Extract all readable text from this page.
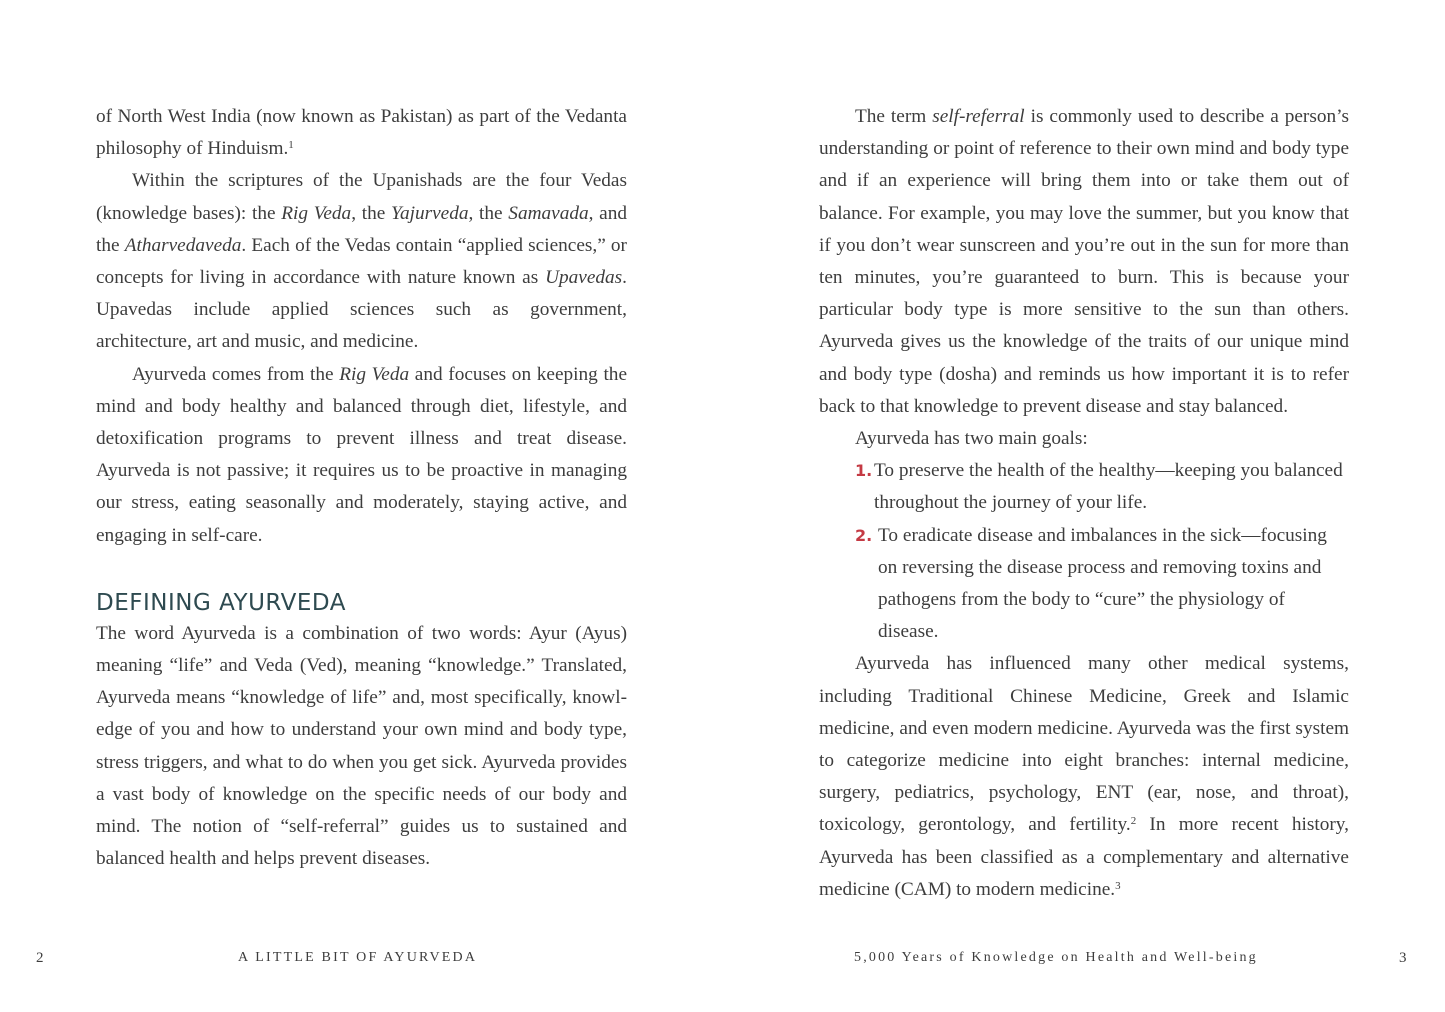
of North West India (now known as Pakistan) as part of the Vedanta philosophy of Hinduism.$^1$

Within the scriptures of the Upanishads are the four Vedas (knowledge bases): the Rig Veda, the Yajurveda, the Samavada, and the Atharvedaveda. Each of the Vedas contain “applied sciences,” or concepts for living in accordance with nature known as Upavedas. Upavedas include applied sciences such as government, architecture, art and music, and medicine.

Ayurveda comes from the Rig Veda and focuses on keeping the mind and body healthy and balanced through diet, lifestyle, and detoxification programs to prevent illness and treat disease. Ayurveda is not passive; it requires us to be proactive in managing our stress, eating seasonally and moderately, staying active, and engaging in self-care.

DEFINING AYURVEDA

The word Ayurveda is a combination of two words: Ayur (Ayus) meaning “life” and Veda (Ved), meaning “knowledge.” Translated, Ayurveda means “knowledge of life” and, most specifically, knowledge of you and how to understand your own mind and body type, stress triggers, and what to do when you get sick. Ayurveda provides a vast body of knowledge on the specific needs of our body and mind. The notion of “self-referral” guides us to sustained and balanced health and helps prevent diseases.

2	A LITTLE BIT OF AYURVEDA

The term self-referral is commonly used to describe a person’s understanding or point of reference to their own mind and body type and if an experience will bring them into or take them out of balance. For example, you may love the summer, but you know that if you don’t wear sunscreen and you’re out in the sun for more than ten minutes, you’re guaranteed to burn. This is because your particular body type is more sensitive to the sun than others. Ayurveda gives us the knowledge of the traits of our unique mind and body type (dosha) and reminds us how important it is to refer back to that knowledge to prevent disease and stay balanced.

Ayurveda has two main goals:

1. To preserve the health of the healthy—keeping you balanced throughout the journey of your life.
2. To eradicate disease and imbalances in the sick—focusing on reversing the disease process and removing toxins and pathogens from the body to “cure” the physiology of disease.

Ayurveda has influenced many other medical systems, including Traditional Chinese Medicine, Greek and Islamic medicine, and even modern medicine. Ayurveda was the first system to categorize medicine into eight branches: internal medicine, surgery, pediatrics, psychology, ENT (ear, nose, and throat), toxicology, gerontology, and fertility.$^2$ In more recent history, Ayurveda has been classified as a complementary and alternative medicine (CAM) to modern medicine.$^3$

5,000 Years of Knowledge on Health and Well-being	3
